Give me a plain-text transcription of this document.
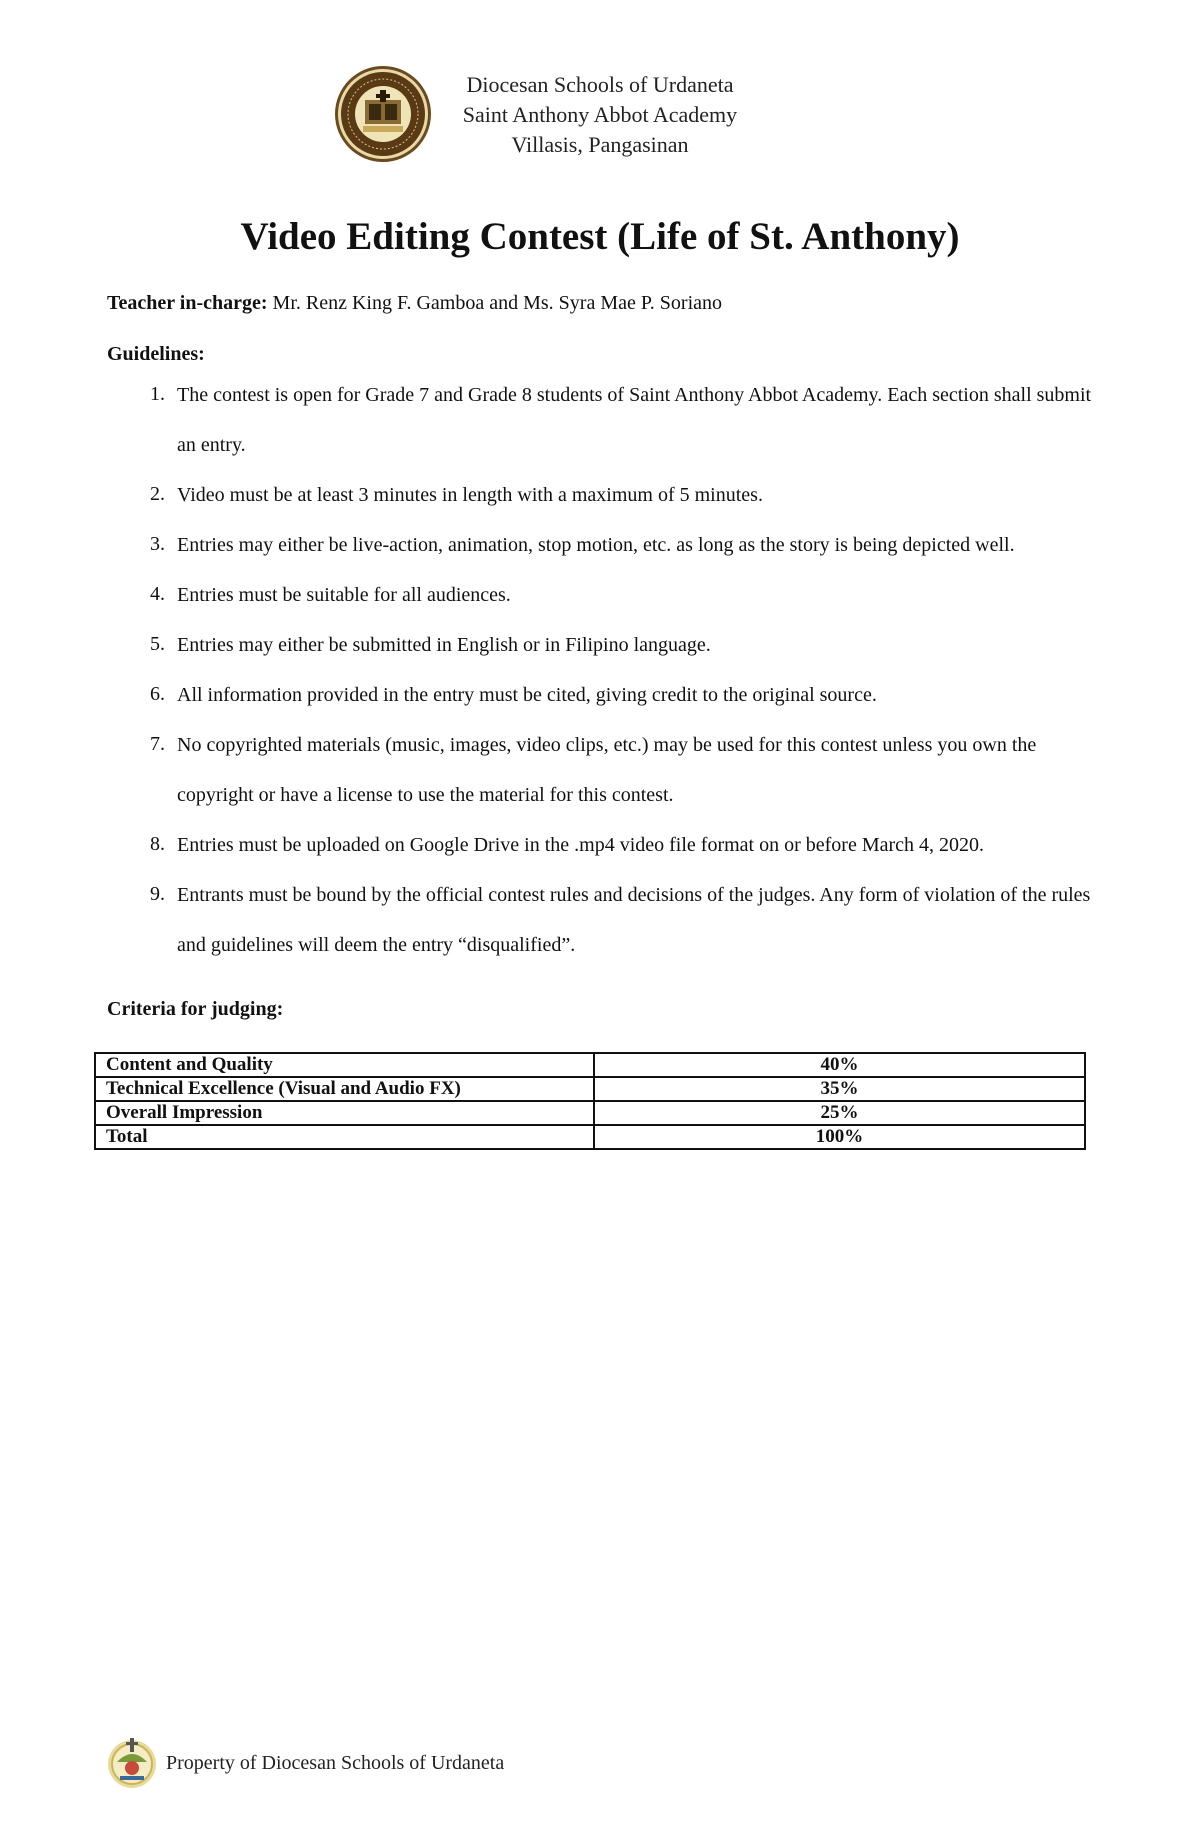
Diocesan Schools of Urdaneta
Saint Anthony Abbot Academy
Villasis, Pangasinan
Video Editing Contest (Life of St. Anthony)
Teacher in-charge: Mr. Renz King F. Gamboa and Ms. Syra Mae P. Soriano
Guidelines:
1. The contest is open for Grade 7 and Grade 8 students of Saint Anthony Abbot Academy. Each section shall submit an entry.
2. Video must be at least 3 minutes in length with a maximum of 5 minutes.
3. Entries may either be live-action, animation, stop motion, etc. as long as the story is being depicted well.
4. Entries must be suitable for all audiences.
5. Entries may either be submitted in English or in Filipino language.
6. All information provided in the entry must be cited, giving credit to the original source.
7. No copyrighted materials (music, images, video clips, etc.) may be used for this contest unless you own the copyright or have a license to use the material for this contest.
8. Entries must be uploaded on Google Drive in the .mp4 video file format on or before March 4, 2020.
9. Entrants must be bound by the official contest rules and decisions of the judges. Any form of violation of the rules and guidelines will deem the entry “disqualified”.
Criteria for judging:
Content and Quality	40%
Technical Excellence (Visual and Audio FX)	35%
Overall Impression	25%
Total	100%
Property of Diocesan Schools of Urdaneta
